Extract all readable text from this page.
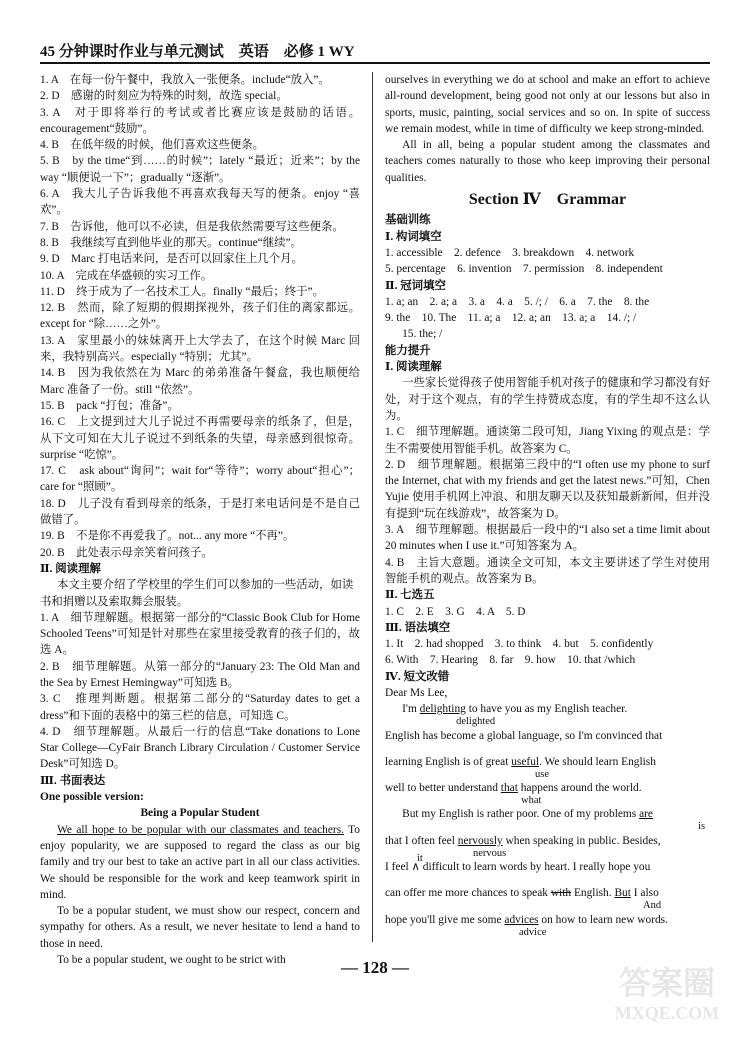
45 分钟课时作业与单元测试　英语　必修 1 WY

1. A　在每一份午餐中，我放入一张便条。include“放入”。

2. D　感谢的时刻应为特殊的时刻，故选 special。

3. A　对于即将举行的考试或者比赛应该是鼓励的话语。encouragement“鼓励”。

4. B　在低年级的时候，他们喜欢这些便条。

5. B　by the time“到……的时候”；lately “最近；近来”；by the way “顺便说一下”；gradually “逐渐”。

6. A　我大儿子告诉我他不再喜欢我每天写的便条。enjoy “喜欢”。

7. B　告诉他，他可以不必读，但是我依然需要写这些便条。

8. B　我继续写直到他毕业的那天。continue“继续”。

9. D　Marc 打电话来问，是否可以回家住上几个月。

10. A　完成在华盛顿的实习工作。

11. D　终于成为了一名技术工人。finally “最后；终于”。

12. B　然而，除了短期的假期探视外，孩子们住的离家都远。except for “除……之外”。

13. A　家里最小的妹妹离开上大学去了，在这个时候 Marc 回来，我特别高兴。especially “特别；尤其”。

14. B　因为我依然在为 Marc 的弟弟准备午餐盒，我也顺便给 Marc 准备了一份。still “依然”。

15. B　pack “打包；准备”。

16. C　上文提到过大儿子说过不再需要母亲的纸条了，但是，从下文可知在大儿子说过不到纸条的失望，母亲感到很惊奇。surprise “吃惊”。

17. C　ask about“询问”；wait for“等待”；worry about“担心”；care for “照顾”。

18. D　儿子没有看到母亲的纸条，于是打来电话问是不是自己做错了。

19. B　不是你不再爱我了。not... any more “不再”。

20. B　此处表示母亲笑着问孩子。

Ⅱ. 阅读理解

本文主要介绍了学校里的学生们可以参加的一些活动，如读书和捐赠以及索取舞会服装。

1. A　细节理解题。根据第一部分的“Classic Book Club for Home Schooled Teens”可知是针对那些在家里接受教育的孩子们的，故选 A。

2. B　细节理解题。从第一部分的“January 23: The Old Man and the Sea by Ernest Hemingway”可知选 B。

3. C　推理判断题。根据第二部分的“Saturday dates to get a dress”和下面的表格中的第三栏的信息，可知选 C。

4. D　细节理解题。从最后一行的信息“Take donations to Lone Star College—CyFair Branch Library Circulation / Customer Service Desk”可知选 D。

Ⅲ. 书面表达

One possible version:

Being a Popular Student

We all hope to be popular with our classmates and teachers. To enjoy popularity, we are supposed to regard the class as our big family and try our best to take an active part in all our class activities. We should be responsible for the work and keep teamwork spirit in mind.

To be a popular student, we must show our respect, concern and sympathy for others. As a result, we never hesitate to lend a hand to those in need.

To be a popular student, we ought to be strict with

ourselves in everything we do at school and make an effort to achieve all-round development, being good not only at our lessons but also in sports, music, painting, social services and so on. In spite of success we remain modest, while in time of difficulty we keep strong-minded.

All in all, being a popular student among the classmates and teachers comes naturally to those who keep improving their personal qualities.

Section Ⅳ　Grammar

基础训练

Ⅰ. 构词填空

1. accessible　2. defence　3. breakdown　4. network

5. percentage　6. invention　7. permission　8. independent

Ⅱ. 冠词填空

1. a; an　2. a; a　3. a　4. a　5. /; /　6. a　7. the　8. the

9. the　10. The　11. a; a　12. a; an　13. a; a　14. /; /

15. the; /

能力提升

Ⅰ. 阅读理解

一些家长觉得孩子使用智能手机对孩子的健康和学习都没有好处，对于这个观点，有的学生持赞成态度，有的学生却不这么认为。

1. C　细节理解题。通读第二段可知，Jiang Yixing 的观点是：学生不需要使用智能手机。故答案为 C。

2. D　细节理解题。根据第三段中的“I often use my phone to surf the Internet, chat with my friends and get the latest news.”可知，Chen Yujie 使用手机网上冲浪、和朋友聊天以及获知最新新闻，但并没有提到“玩在线游戏”，故答案为 D。

3. A　细节理解题。根据最后一段中的“I also set a time limit about 20 minutes when I use it.”可知答案为 A。

4. B　主旨大意题。通读全文可知，本文主要讲述了学生对使用智能手机的观点。故答案为 B。

Ⅱ. 七选五

1. C　2. E　3. G　4. A　5. D

Ⅲ. 语法填空

1. It　2. had shopped　3. to think　4. but　5. confidently

6. With　7. Hearing　8. far　9. how　10. that /which

Ⅳ. 短文改错

Dear Ms Lee,

I'm delighting to have you as my English teacher.
delighted

English has become a global language, so I'm convinced that

learning English is of great useful. We should learn English
use

well to better understand that happens around the world.
what

But my English is rather poor. One of my problems are
is

that I often feel nervously when speaking in public. Besides,
nervous

I feel ∧ difficult to learn words by heart. I really hope you
it

can offer me more chances to speak with English. But I also
And

hope you'll give me some advices on how to learn new words.
advice

— 128 —	答案圈
MXQE.COM
